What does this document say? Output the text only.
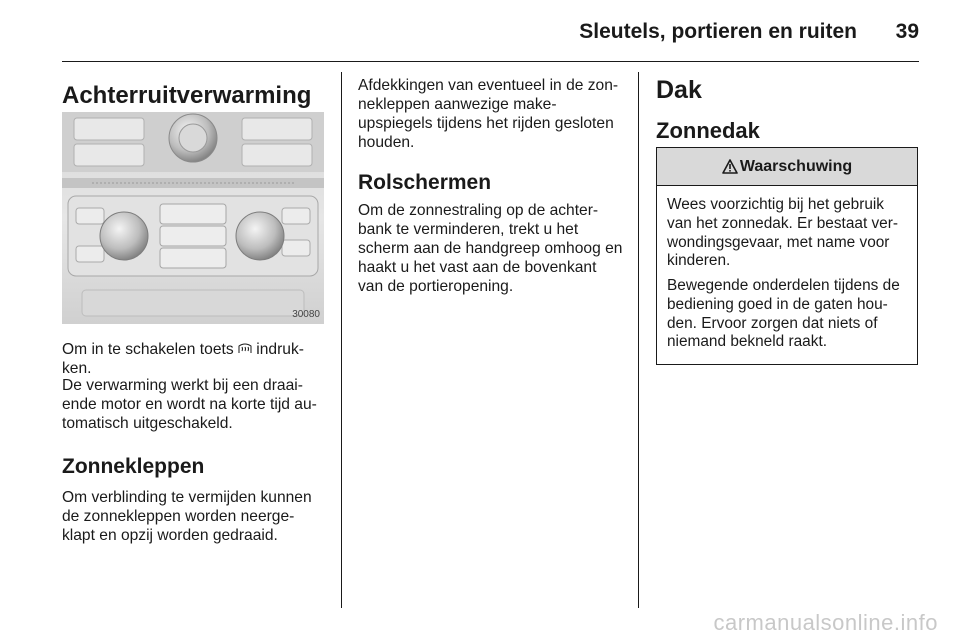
Sleutels, portieren en ruiten 39
Achterruitverwarming
30080

Om in te schakelen toets  indruk-ken.

De verwarming werkt bij een draai-ende motor en wordt na korte tijd au-tomatisch uitgeschakeld.

Zonnekleppen

Om verblinding te vermijden kunnen de zonnekleppen worden neerge-klapt en opzij worden gedraaid.

Afdekkingen van eventueel in de zon-nekleppen aanwezige make-upspiegels tijdens het rijden gesloten houden.

Rolschermen

Om de zonnestraling op de achter-bank te verminderen, trekt u het scherm aan de handgreep omhoog en haakt u het vast aan de bovenkant van de portieropening.

Dak
Zonnedak
Waarschuwing

Wees voorzichtig bij het gebruik van het zonnedak. Er bestaat ver-wondingsgevaar, met name voor kinderen.

Bewegende onderdelen tijdens de bediening goed in de gaten hou-den. Ervoor zorgen dat niets of niemand bekneld raakt.

carmanualsonline.info
